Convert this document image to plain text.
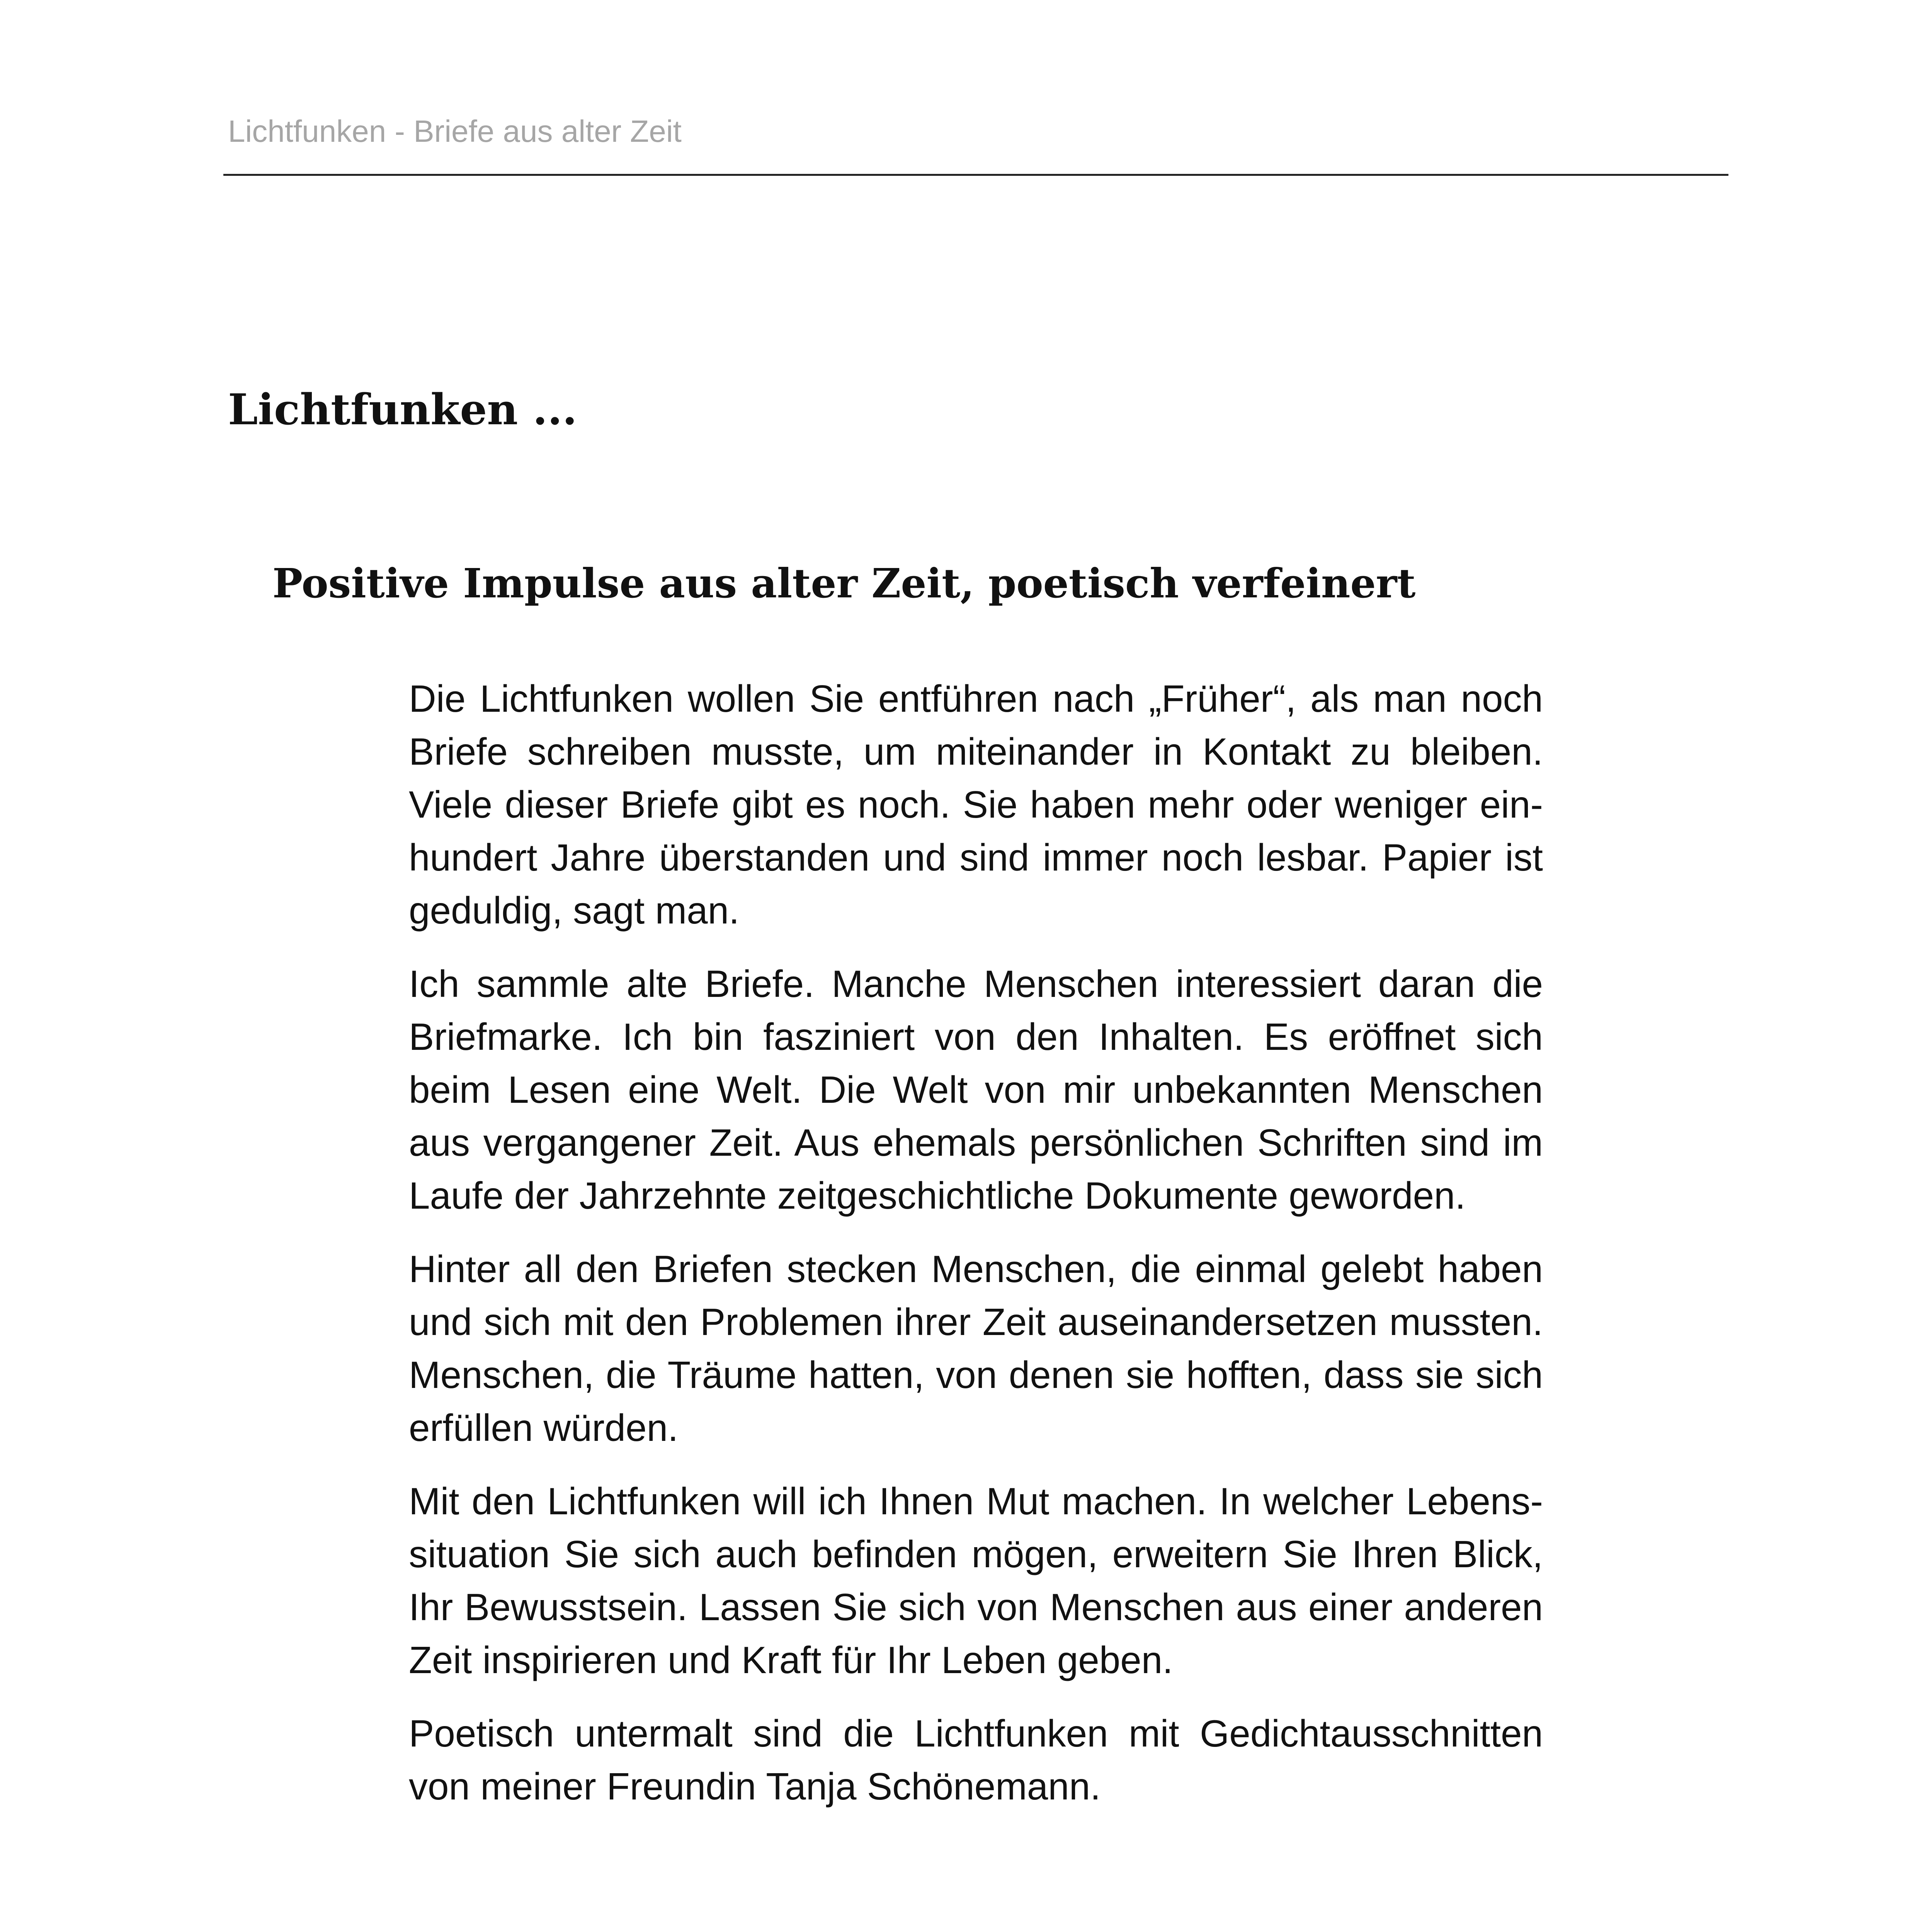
Lichtfunken - Briefe aus alter Zeit
Lichtfunken ...
Positive Impulse aus alter Zeit, poetisch verfeinert

Die Lichtfunken wollen Sie entführen nach „Früher“, als man noch Briefe schreiben musste, um miteinander in Kontakt zu bleiben. Viele dieser Briefe gibt es noch. Sie haben mehr oder weniger einhundert Jahre überstanden und sind immer noch lesbar. Papier ist geduldig, sagt man.

Ich sammle alte Briefe. Manche Menschen interessiert daran die Briefmarke. Ich bin fasziniert von den Inhalten. Es eröffnet sich beim Lesen eine Welt. Die Welt von mir unbekannten Menschen aus vergangener Zeit. Aus ehemals persönlichen Schriften sind im Laufe der Jahrzehnte zeitgeschichtliche Dokumente geworden.

Hinter all den Briefen stecken Menschen, die einmal gelebt haben und sich mit den Problemen ihrer Zeit auseinandersetzen mussten. Menschen, die Träume hatten, von denen sie hofften, dass sie sich erfüllen würden.

Mit den Lichtfunken will ich Ihnen Mut machen. In welcher Lebenssituation Sie sich auch befinden mögen, erweitern Sie Ihren Blick, Ihr Bewusstsein. Lassen Sie sich von Menschen aus einer anderen Zeit inspirieren und Kraft für Ihr Leben geben.

Poetisch untermalt sind die Lichtfunken mit Gedichtausschnitten von meiner Freundin Tanja Schönemann.
